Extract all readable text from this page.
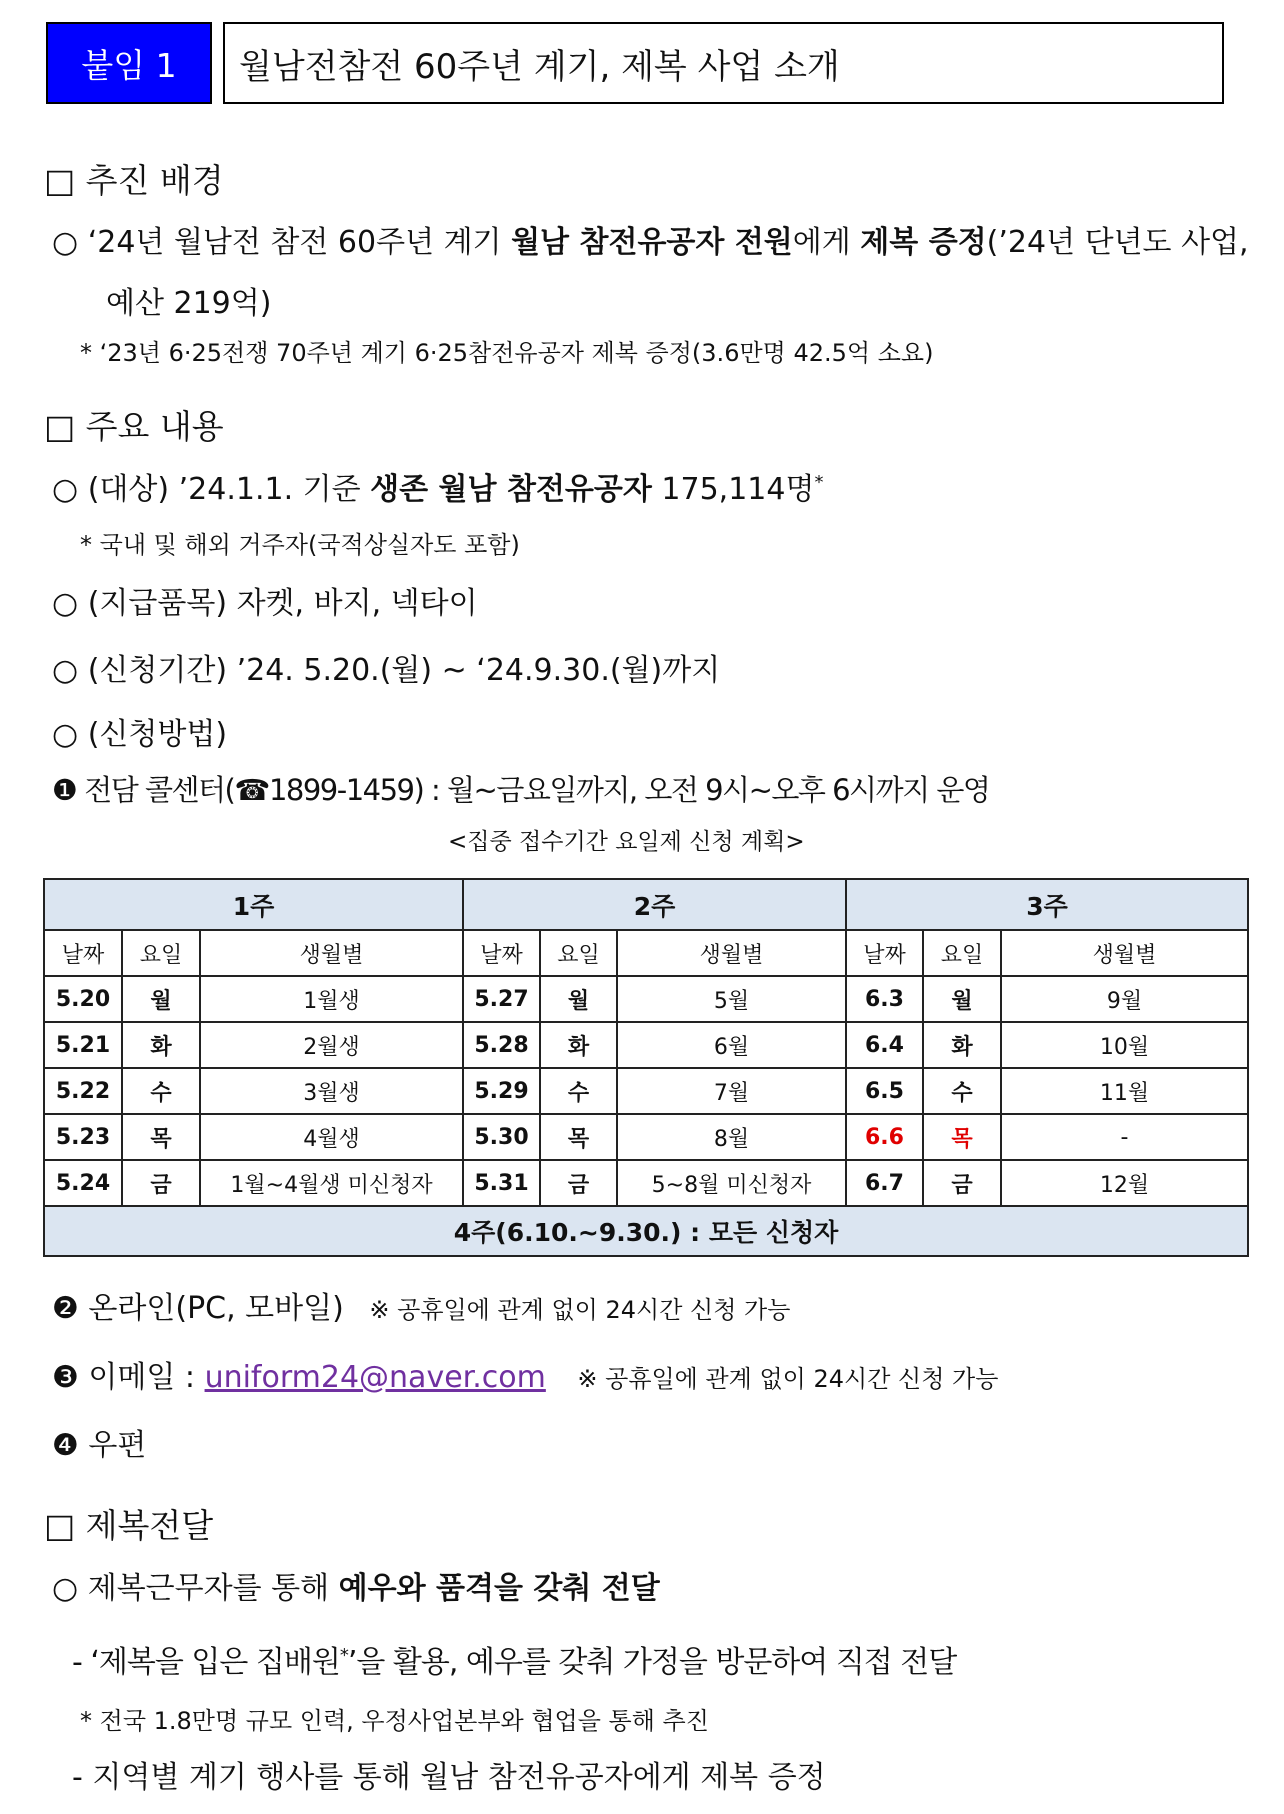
붙임 1 월남전참전 60주년 계기, 제복 사업 소개
□ 추진 배경
○ ‘24년 월남전 참전 60주년 계기 월남 참전유공자 전원에게 제복 증정(’24년 단년도 사업,
예산 219억)
* ‘23년 6·25전쟁 70주년 계기 6·25참전유공자 제복 증정(3.6만명 42.5억 소요)
□ 주요 내용
○ (대상) ’24.1.1. 기준 생존 월남 참전유공자 175,114명*
* 국내 및 해외 거주자(국적상실자도 포함)
○ (지급품목) 자켓, 바지, 넥타이
○ (신청기간) ’24. 5.20.(월) ~ ‘24.9.30.(월)까지
○ (신청방법)
❶ 전담 콜센터(☎1899-1459) : 월~금요일까지, 오전 9시~오후 6시까지 운영
<집중 접수기간 요일제 신청 계획>
1주			2주			3주		
날짜	요일	생월별	날짜	요일	생월별	날짜	요일	생월별
5.20	월	1월생	5.27	월	5월	6.3	월	9월
5.21	화	2월생	5.28	화	6월	6.4	화	10월
5.22	수	3월생	5.29	수	7월	6.5	수	11월
5.23	목	4월생	5.30	목	8월	6.6	목	-
5.24	금	1월~4월생 미신청자	5.31	금	5~8월 미신청자	6.7	금	12월
4주(6.10.~9.30.) : 모든 신청자								
❷ 온라인(PC, 모바일) ※ 공휴일에 관계 없이 24시간 신청 가능
❸ 이메일 : uniform24@naver.com ※ 공휴일에 관계 없이 24시간 신청 가능
❹ 우편
□ 제복전달
○ 제복근무자를 통해 예우와 품격을 갖춰 전달
- ‘제복을 입은 집배원*’을 활용, 예우를 갖춰 가정을 방문하여 직접 전달
* 전국 1.8만명 규모 인력, 우정사업본부와 협업을 통해 추진
- 지역별 계기 행사를 통해 월남 참전유공자에게 제복 증정
